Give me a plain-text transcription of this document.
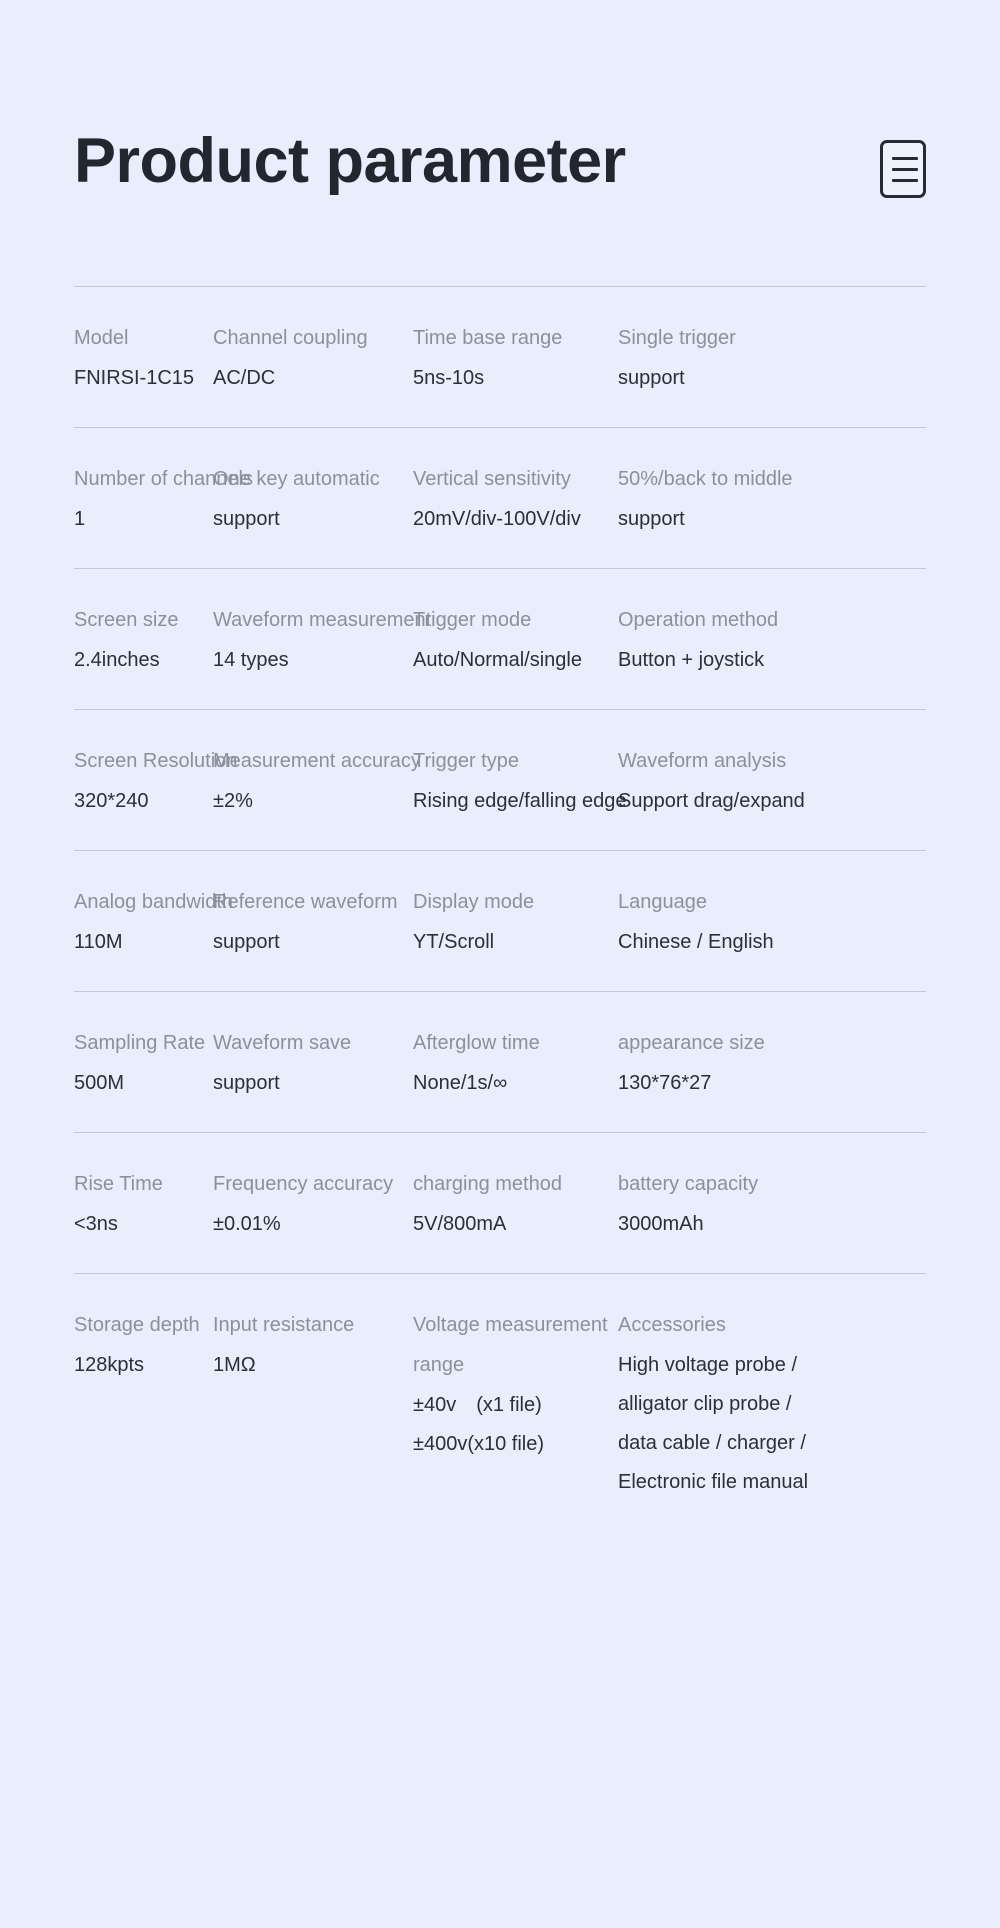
Product parameter
Model
FNIRSI-1C15
Channel coupling
AC/DC
Time base range
5ns-10s
Single trigger
support
Number of channels
1
One key automatic
support
Vertical sensitivity
20mV/div-100V/div
50%/back to middle
support
Screen size
2.4inches
Waveform measurement
14 types
Trigger mode
Auto/Normal/single
Operation method
Button + joystick
Screen Resolution
320*240
Measurement accuracy
±2%
Trigger type
Rising edge/falling edge
Waveform analysis
Support drag/expand
Analog bandwidth
110M
Reference waveform
support
Display mode
YT/Scroll
Language
Chinese / English
Sampling Rate
500M
Waveform save
support
Afterglow time
None/1s/∞
appearance size
130*76*27
Rise Time
<3ns
Frequency accuracy
±0.01%
charging method
5V/800mA
battery capacity
3000mAh
Storage depth
128kpts
Input resistance
1MΩ
Voltage measurement
range
±40v　(x1 file)
±400v(x10 file)
Accessories
High voltage probe /
alligator clip probe /
data cable / charger /
Electronic file manual
